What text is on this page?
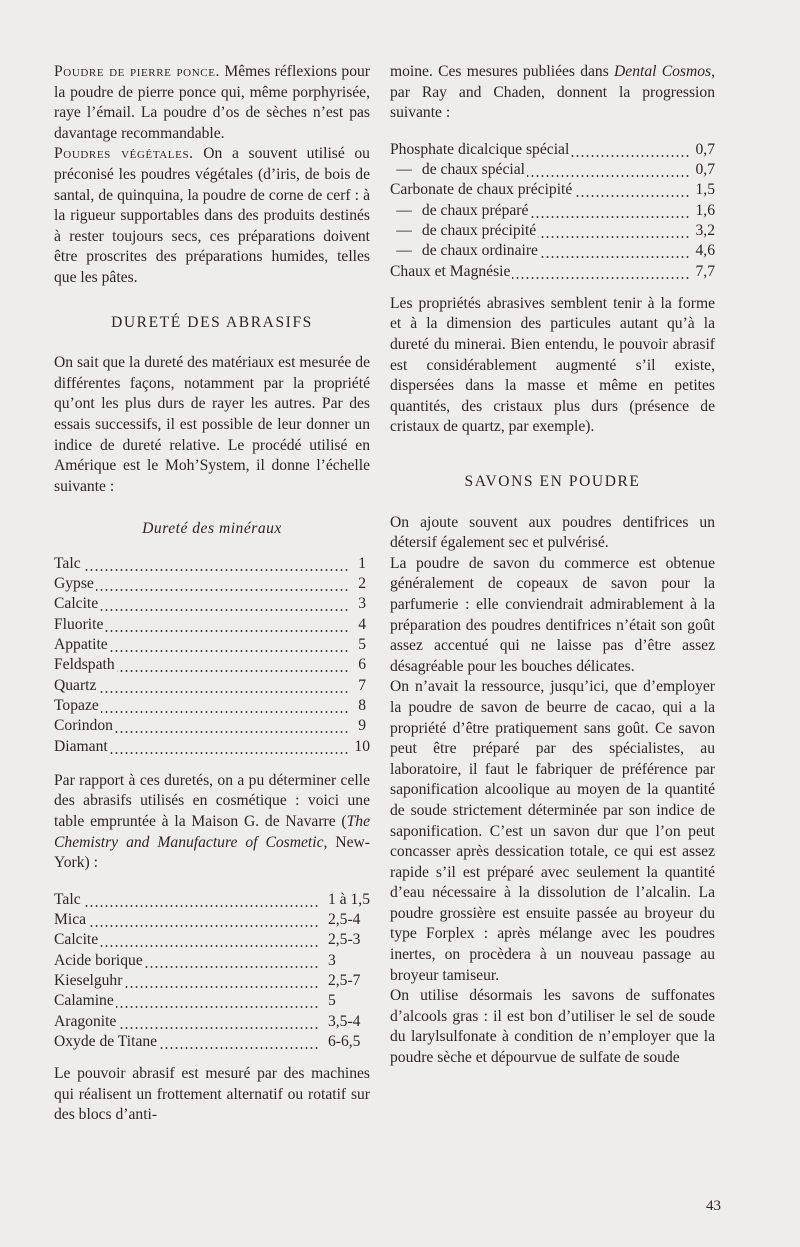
Poudre de pierre ponce. Mêmes réflexions pour la poudre de pierre ponce qui, même porphyrisée, raye l’émail. La poudre d’os de sèches n’est pas davantage recommandable.

Poudres végétales. On a souvent utilisé ou préconisé les poudres végétales (d’iris, de bois de santal, de quinquina, la poudre de corne de cerf : à la rigueur supportables dans des produits destinés à rester toujours secs, ces préparations doivent être proscrites des préparations humides, telles que les pâtes.

DURETÉ DES ABRASIFS

On sait que la dureté des matériaux est mesurée de différentes façons, notamment par la propriété qu’ont les plus durs de rayer les autres. Par des essais successifs, il est possible de leur donner un indice de dureté relative. Le procédé utilisé en Amérique est le Moh’System, il donne l’échelle suivante :

Dureté des minéraux
Talc	1
Gypse	2
Calcite	3
Fluorite	4
Appatite	5
Feldspath	6
Quartz	7
Topaze	8
Corindon	9
Diamant	10

Par rapport à ces duretés, on a pu déterminer celle des abrasifs utilisés en cosmétique : voici une table empruntée à la Maison G. de Navarre (The Chemistry and Manufacture of Cosmetic, New-York) :

Talc	1 à 1,5
Mica	2,5-4
Calcite	2,5-3
Acide borique	3
Kieselguhr	2,5-7
Calamine	5
Aragonite	3,5-4
Oxyde de Titane	6-6,5

Le pouvoir abrasif est mesuré par des machines qui réalisent un frottement alternatif ou rotatif sur des blocs d’anti-

moine. Ces mesures publiées dans Dental Cosmos, par Ray and Chaden, donnent la progression suivante :

Phosphate dicalcique spécial	0,7
— de chaux spécial	0,7
Carbonate de chaux précipité	1,5
— de chaux préparé	1,6
— de chaux précipité	3,2
— de chaux ordinaire	4,6
Chaux et Magnésie	7,7

Les propriétés abrasives semblent tenir à la forme et à la dimension des particules autant qu’à la dureté du minerai. Bien entendu, le pouvoir abrasif est considérablement augmenté s’il existe, dispersées dans la masse et même en petites quantités, des cristaux plus durs (présence de cristaux de quartz, par exemple).

SAVONS EN POUDRE

On ajoute souvent aux poudres dentifrices un détersif également sec et pulvérisé.

La poudre de savon du commerce est obtenue généralement de copeaux de savon pour la parfumerie : elle conviendrait admirablement à la préparation des poudres dentifrices n’était son goût assez accentué qui ne laisse pas d’être assez désagréable pour les bouches délicates.

On n’avait la ressource, jusqu’ici, que d’employer la poudre de savon de beurre de cacao, qui a la propriété d’être pratiquement sans goût. Ce savon peut être préparé par des spécialistes, au laboratoire, il faut le fabriquer de préférence par saponification alcoolique au moyen de la quantité de soude strictement déterminée par son indice de saponification. C’est un savon dur que l’on peut concasser après dessication totale, ce qui est assez rapide s’il est préparé avec seulement la quantité d’eau nécessaire à la dissolution de l’alcalin. La poudre grossière est ensuite passée au broyeur du type Forplex : après mélange avec les poudres inertes, on procèdera à un nouveau passage au broyeur tamiseur.

On utilise désormais les savons de suffonates d’alcools gras : il est bon d’utiliser le sel de soude du larylsulfonate à condition de n’employer que la poudre sèche et dépourvue de sulfate de soude

43
